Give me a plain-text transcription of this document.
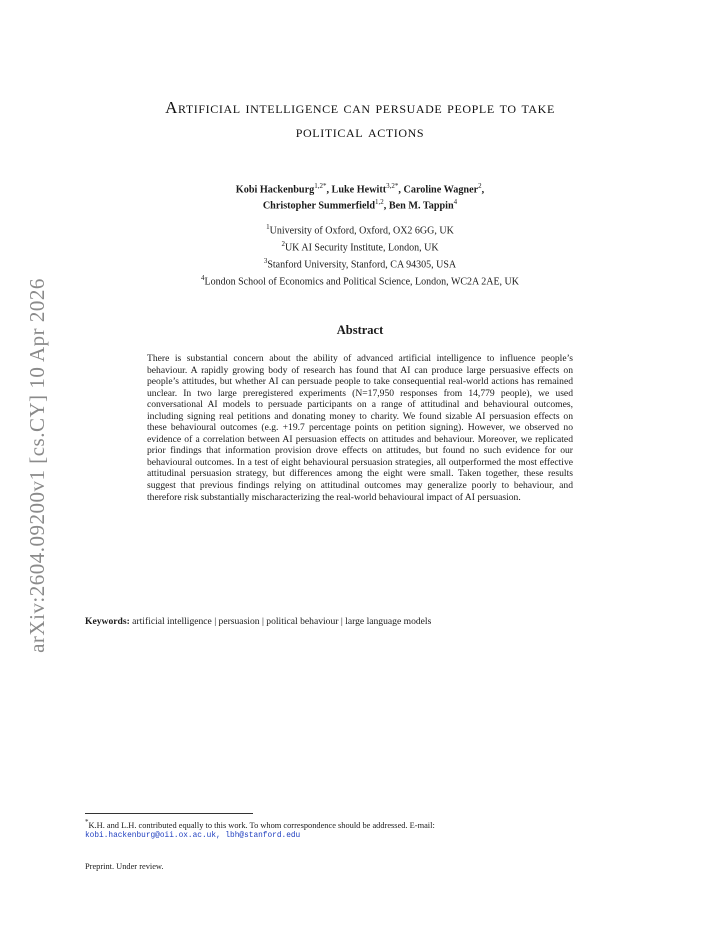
arXiv:2604.09200v1 [cs.CY] 10 Apr 2026
Artificial intelligence can persuade people to take
political actions
Kobi Hackenburg$^{1,2*}$, Luke Hewitt$^{3,2*}$, Caroline Wagner$^2$,
Christopher Summerfield$^{1,2}$, Ben M. Tappin$^4$
$^1$University of Oxford, Oxford, OX2 6GG, UK
$^2$UK AI Security Institute, London, UK
$^3$Stanford University, Stanford, CA 94305, USA
$^4$London School of Economics and Political Science, London, WC2A 2AE, UK
Abstract
There is substantial concern about the ability of advanced artificial intelligence to influence people’s behaviour. A rapidly growing body of research has found that AI can produce large persuasive effects on people’s attitudes, but whether AI can persuade people to take consequential real-world actions has remained unclear. In two large preregistered experiments (N=17,950 responses from 14,779 people), we used conversational AI models to persuade participants on a range of attitudinal and behavioural outcomes, including signing real petitions and donating money to charity. We found sizable AI persuasion effects on these behavioural outcomes (e.g. +19.7 percentage points on petition signing). However, we observed no evidence of a correlation between AI persuasion effects on attitudes and behaviour. Moreover, we replicated prior findings that information provision drove effects on attitudes, but found no such evidence for our behavioural outcomes. In a test of eight behavioural persuasion strategies, all outperformed the most effective attitudinal persuasion strategy, but differences among the eight were small. Taken together, these results suggest that previous findings relying on attitudinal outcomes may generalize poorly to behaviour, and therefore risk substantially mischaracterizing the real-world behavioural impact of AI persuasion.
Keywords: artificial intelligence | persuasion | political behaviour | large language models
*K.H. and L.H. contributed equally to this work. To whom correspondence should be addressed. E-mail:
kobi.hackenburg@oii.ox.ac.uk, lbh@stanford.edu
Preprint. Under review.
